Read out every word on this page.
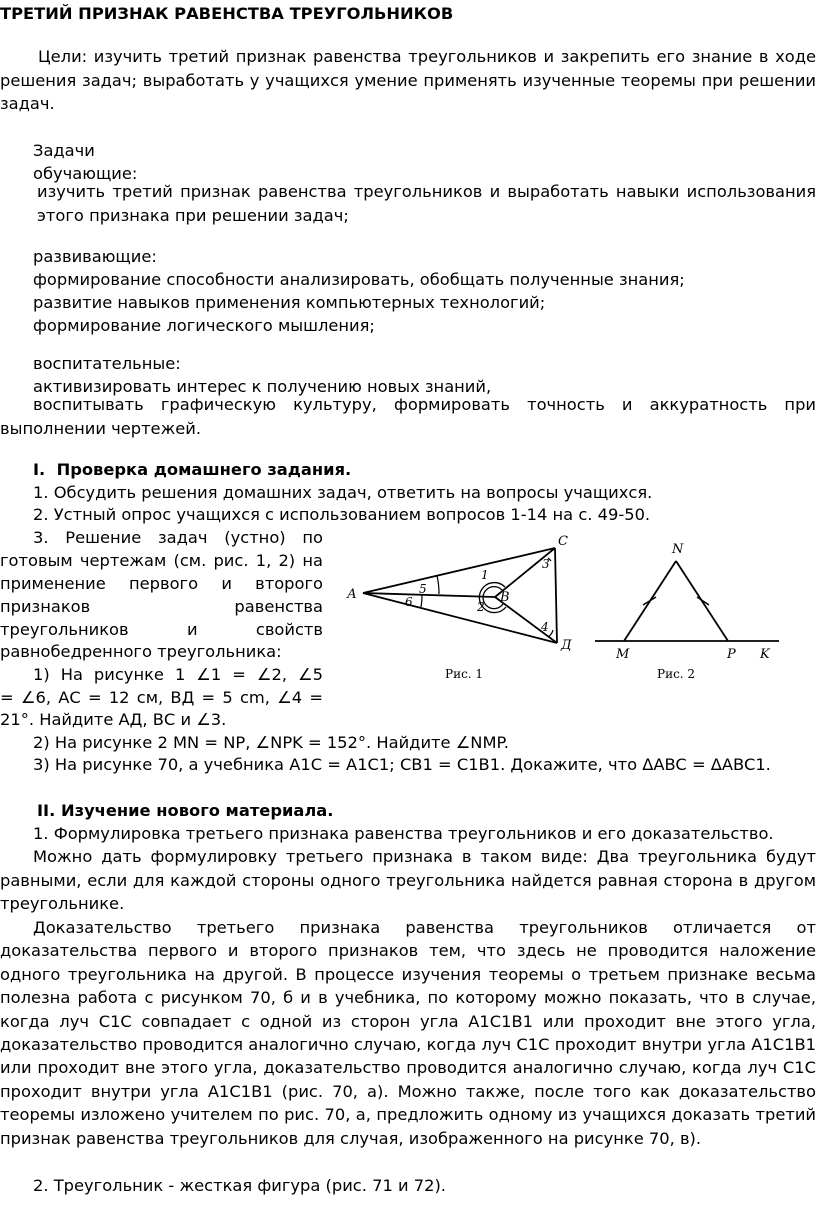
ТРЕТИЙ ПРИЗНАК РАВЕНСТВА ТРЕУГОЛЬНИКОВ
Цели: изучить третий признак равенства треугольников и закрепить его знание в ходе решения задач; выработать у учащихся умение применять изученные теоремы при решении задач.
Задачи
обучающие:
изучить третий признак равенства треугольников и выработать навыки использования этого признака при решении задач;
развивающие:
формирование способности анализировать, обобщать полученные знания;
развитие навыков применения компьютерных технологий;
формирование логического мышления;
воспитательные:
активизировать интерес к получению новых знаний,
воспитывать графическую культуру, формировать точность и аккуратность при выполнении чертежей.
I. Проверка домашнего задания.
1. Обсудить решения домашних задач, ответить на вопросы учащихся.
2. Устный опрос учащихся с использованием вопросов 1-14 на с. 49-50.
3. Решение задач (устно) по
готовым чертежам (см. рис. 1, 2) на
применение первого и второго
признаков равенства
треугольников и свойств
равнобедренного треугольника:
1) На рисунке 1 ∠1 = ∠2, ∠5
= ∠6, АС = 12 см, ВД = 5 cm, ∠4 =
21°. Найдите АД, ВС и ∠3.
2) На рисунке 2 MN = NP, ∠NPK = 152°. Найдите ∠NMP.
3) На рисунке 70, а учебника A1C = A1C1; CB1 = C1B1. Докажите, что ΔABC = ΔABC1.
II. Изучение нового материала.
1. Формулировка третьего признака равенства треугольников и его доказательство.
Можно дать формулировку третьего признака в таком виде: Два треугольника будут равными, если для каждой стороны одного треугольника найдется равная сторона в другом треугольнике.
Доказательство третьего признака равенства треугольников отличается от доказательства первого и второго признаков тем, что здесь не проводится наложение одного треугольника на другой. В процессе изучения теоремы о третьем признаке весьма полезна работа с рисунком 70, б и в учебника, по которому можно показать, что в случае, когда луч С1С совпадает с одной из сторон угла А1С1В1 или проходит вне этого угла, доказательство проводится аналогично случаю, когда луч С1С проходит внутри угла А1С1В1 или проходит вне этого угла, доказательство проводится аналогично случаю, когда луч С1С проходит внутри угла А1С1В1 (рис. 70, а). Можно также, после того как доказательство теоремы изложено учителем по рис. 70, а, предложить одному из учащихся доказать третий признак равенства треугольников для случая, изображенного на рисунке 70, в).
2. Треугольник - жесткая фигура (рис. 71 и 72).
А
С
В
Д
1
2
3
4
5
6
Рис. 1
N
M	P K
Рис. 2
